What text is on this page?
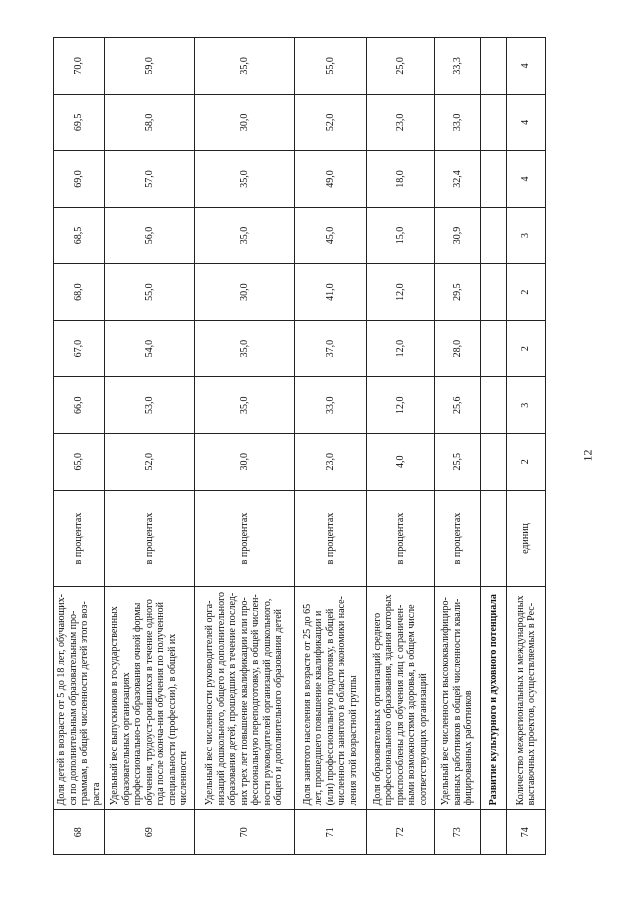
12
68	Доля детей в возрасте от 5 до 18 лет, обучающих-ся по дополнительным образовательным про-граммам, в общей численности детей этого воз-раста	в процентах	65,0	66,0	67,0	68,0	68,5	69,0	69,5	70,0
69	Удельный вес выпускников в государственных образовательных организациях профессионально-го образования очной формы обучения, трудоуст-роившихся в течение одного года после оконча-ния обучения по полученной специальности (профессии), в общей их численности	в процентах	52,0	53,0	54,0	55,0	56,0	57,0	58,0	59,0
70	Удельный вес численности руководителей орга-низаций дошкольного, общего и дополнительного образования детей, прошедших в течение послед-них трех лет повышение квалификации или про-фессиональную переподготовку, в общей числен-ности руководителей организаций дошкольного, общего и дополнительного образования детей	в процентах	30,0	35,0	35,0	30,0	35,0	35,0	30,0	35,0
71	Доля занятого населения в возрасте от 25 до 65 лет, прошедшего повышение квалификации и (или) профессиональную подготовку, в общей численности занятого в области экономики насе-ления этой возрастной группы	в процентах	23,0	33,0	37,0	41,0	45,0	49,0	52,0	55,0
72	Доля образовательных организаций среднего профессионального образования, здания которых приспособлены для обучения лиц с ограничен-ными возможностями здоровья, в общем числе соответствующих организаций	в процентах	4,0	12,0	12,0	12,0	15,0	18,0	23,0	25,0
73	Удельный вес численности высококвалифициро-ванных работников в общей численности квали-фицированных работников	в процентах	25,5	25,6	28,0	29,5	30,9	32,4	33,0	33,3
	Развитие культурного и духовного потенциала									
74	Количество межрегиональных и международных выставочных проектов, осуществляемых в Рес-	единиц	2	3	2	2	3	4	4	4
